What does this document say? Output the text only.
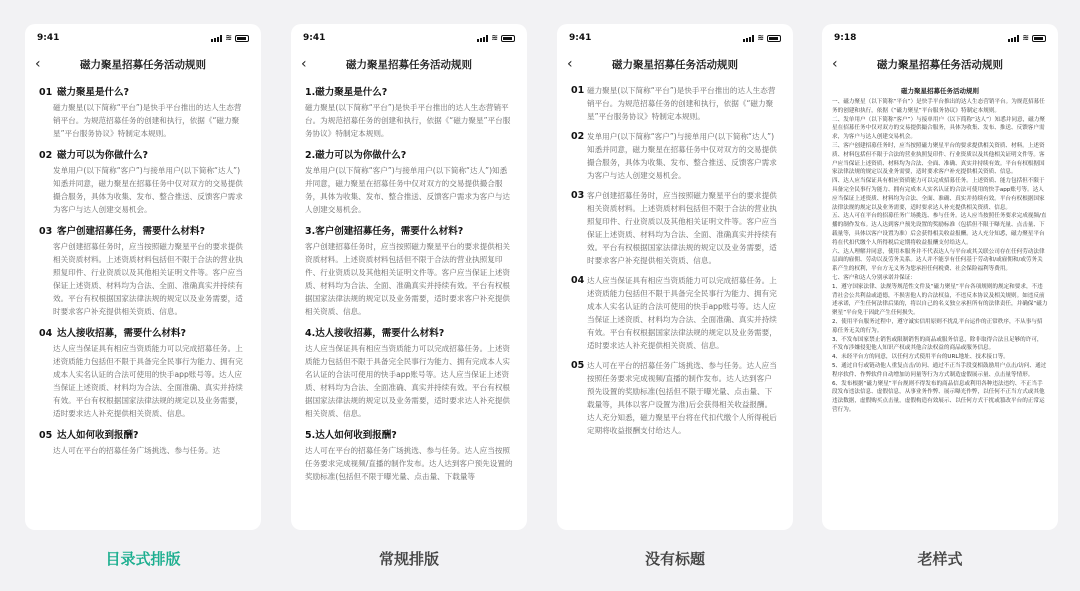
9:41	≋
‹	磁力聚星招募任务活动规则
01 磁力聚星是什么?
磁力聚星(以下简称“平台”)是快手平台推出的达人生态营销平台。为规范招募任务的创建和执行，依据《“磁力聚星”平台服务协议》特制定本规则。
02 磁力可以为你做什么?
发单用户(以下简称“客户”)与接单用户(以下简称“达人”)知悉并同意，磁力聚星在招募任务中仅对双方的交易提供撮合服务，具体为收集、发布、整合推送、反馈客户需求为客户与达人创建交易机会。
03 客户创建招募任务，需要什么材料?
客户创建招募任务时，应当按照磁力聚星平台的要求提供相关资质材料。上述资质材料包括但不限于合法的营业执照复印件、行业资质以及其他相关证明文件等。客户应当保证上述资质、材料均为合法、全面、准确真实并持续有效。平台有权根据国家法律法规的规定以及业务需要，适时要求客户补充提供相关资质、信息。
04 达人接收招募，需要什么材料?
达人应当保证具有相应当资质能力可以完成招募任务。上述资质能力包括但不限于具备完全民事行为能力、拥有完成本人实名认证的合法可使用的快手app账号等。达人应当保证上述资质、材料均为合法、全面准确、真实并持续有效。平台有权根据国家法律法规的规定以及业务需要，适时要求达人补充提供相关资质、信息。
05 达人如何收到报酬?
达人可在平台的招募任务广场挑选、参与任务。达
9:41	≋
‹	磁力聚星招募任务活动规则
1.磁力聚星是什么?
磁力聚星(以下简称“平台”)是快手平台推出的达人生态营销平台。为规范招募任务的创建和执行，依据《“磁力聚星”平台服务协议》特制定本规则。
2.磁力可以为你做什么?
发单用户(以下简称“客户”)与接单用户(以下简称“达人”)知悉并同意，磁力聚星在招募任务中仅对双方的交易提供撮合服务，具体为收集、发布、整合推送、反馈客户需求为客户与达人创建交易机会。
3.客户创建招募任务，需要什么材料?
客户创建招募任务时，应当按照磁力聚星平台的要求提供相关资质材料。上述资质材料包括但不限于合法的营业执照复印件、行业资质以及其他相关证明文件等。客户应当保证上述资质、材料均为合法、全面、准确真实并持续有效。平台有权根据国家法律法规的规定以及业务需要，适时要求客户补充提供相关资质、信息。
4.达人接收招募，需要什么材料?
达人应当保证具有相应当资质能力可以完成招募任务。上述资质能力包括但不限于具备完全民事行为能力、拥有完成本人实名认证的合法可使用的快手app账号等。达人应当保证上述资质、材料均为合法、全面准确、真实并持续有效。平台有权根据国家法律法规的规定以及业务需要，适时要求达人补充提供相关资质、信息。
5.达人如何收到报酬?
达人可在平台的招募任务广场挑选、参与任务。达人应当按照任务要求完成视频/直播的制作发布。达人达到客户预先设置的奖励标准(包括但不限于曝光量、点击量、下载量等
9:41	≋
‹	磁力聚星招募任务活动规则
01 磁力聚星(以下简称“平台”)是快手平台推出的达人生态营销平台。为规范招募任务的创建和执行，依据《“磁力聚星”平台服务协议》特制定本规则。
02 发单用户(以下简称“客户”)与接单用户(以下简称“达人”)知悉并同意，磁力聚星在招募任务中仅对双方的交易提供撮合服务，具体为收集、发布、整合推送、反馈客户需求为客户与达人创建交易机会。
03 客户创建招募任务时，应当按照磁力聚星平台的要求提供相关资质材料。上述资质材料包括但不限于合法的营业执照复印件、行业资质以及其他相关证明文件等。客户应当保证上述资质、材料均为合法、全面、准确真实并持续有效。平台有权根据国家法律法规的规定以及业务需要，适时要求客户补充提供相关资质、信息。
04 达人应当保证具有相应当资质能力可以完成招募任务。上述资质能力包括但不限于具备完全民事行为能力、拥有完成本人实名认证的合法可使用的快手app账号等。达人应当保证上述资质、材料均为合法、全面准确、真实并持续有效。平台有权根据国家法律法规的规定以及业务需要，适时要求达人补充提供相关资质、信息。
05 达人可在平台的招募任务广场挑选、参与任务。达人应当按照任务要求完成视频/直播的制作发布。达人达到客户预先设置的奖励标准(包括但不限于曝光量、点击量、下载量等，具体以客户设置为准)后会获得相关收益报酬。达人充分知悉，磁力聚星平台将在代扣代缴个人所得税后定期将收益报酬支付给达人。
9:18	≋
‹	磁力聚星招募任务活动规则
磁力聚星招募任务活动规则
一、磁力聚星（以下简称“平台”）是快手平台推出的达人生态营销平台。为规范招募任务的创建和执行，依据《“磁力聚星”平台服务协议》特制定本规则。
二、发单用户（以下简称“客户”）与接单用户（以下简称“达人”）知悉并同意，磁力聚星在招募任务中仅对双方的交易提供撮合服务，具体为收集、发布、推送、反馈客户需求，为客户与达人创建交易机会。
三、客户创建招募任务时，应当按照磁力聚星平台的要求提供相关资质、材料。上述资质、材料包括但不限于合法的营业执照复印件、行业资质以及其他相关证明文件等。客户应当保证上述资质、材料均为合法、全面、准确、真实并持续有效。平台有权根据国家法律法规的规定以及业务需要，适时要求客户补充提供相关资质、信息。
四、达人应当保证具有相应资质能力可以完成招募任务。上述资质、能力包括但不限于具备完全民事行为能力、拥有完成本人实名认证的合法可使用的快手app账号等。达人应当保证上述资质、材料均为合法、全面、准确、真实并持续有效。平台有权根据国家法律法规的规定以及业务需要，适时要求达人补充提供相关资质、信息。
五、达人可在平台的招募任务广场挑选、参与任务。达人应当按照任务要求完成视频/直播的制作发布。达人达到客户预先设置的奖励标准（包括但不限于曝光量、点击量、下载量等，具体以客户设置为准）后会获得相关收益报酬。达人充分知悉，磁力聚星平台将在代扣代缴个人所得税后定期将收益报酬支付给达人。
六、达人理解并同意，使用本服务并不代表达人与平台或其关联公司存在任何劳动法律层面的雇佣、劳动以及劳务关系。达人并不能享有任何基于劳动和/或雇佣和/或劳务关系产生的权利，平台方无义务为您承担任何税费、社会保险福利等费用。
七、客户和达人分别承诺并保证：
1、遵守国家法律、法规等规范性文件及“磁力聚星”平台各项规则的规定和要求，不违背社会公共利益或道德，不损害他人的合法权益，不违反本协议及相关规则。如违反前述承诺，产生任何法律后果的，将以自己的名义独立承担所有的法律责任，并确保“磁力聚星”平台免于因此产生任何损失。
2、使用平台服务过程中，遵守诚实信用原则不扰乱平台运作的正常秩序，不从事与招募任务无关的行为。
3、不发布国家禁止销售或限制销售的商品或服务信息，除非取得合法且足够的许可，不发布涉嫌侵犯他人知识产权或其他合法权益的商品或服务信息。
4、未经平台方的同意，以任何方式使用平台的URL地址、技术接口等。
5、通过自行或链动他人重复点击/访问、通过不正当手段变相鼓励用户点击/访问、通过程序软件、作弊软件自动增加访问量等行为方式制造虚假展示量、点击量等情形。
6、发布根据“磁力聚星”平台规则不得发布的商品信息或利用各种违法违约、不正当手段发布违法信息、虚假信息，从事业务作弊、展示曝光作弊，以任何不正当方式或其他违法数据，虚假购买点击量，虚假构造有效展示、以任何方式干扰或篡改平台的正常运营行为。
目录式排版	常规排版	没有标题	老样式
